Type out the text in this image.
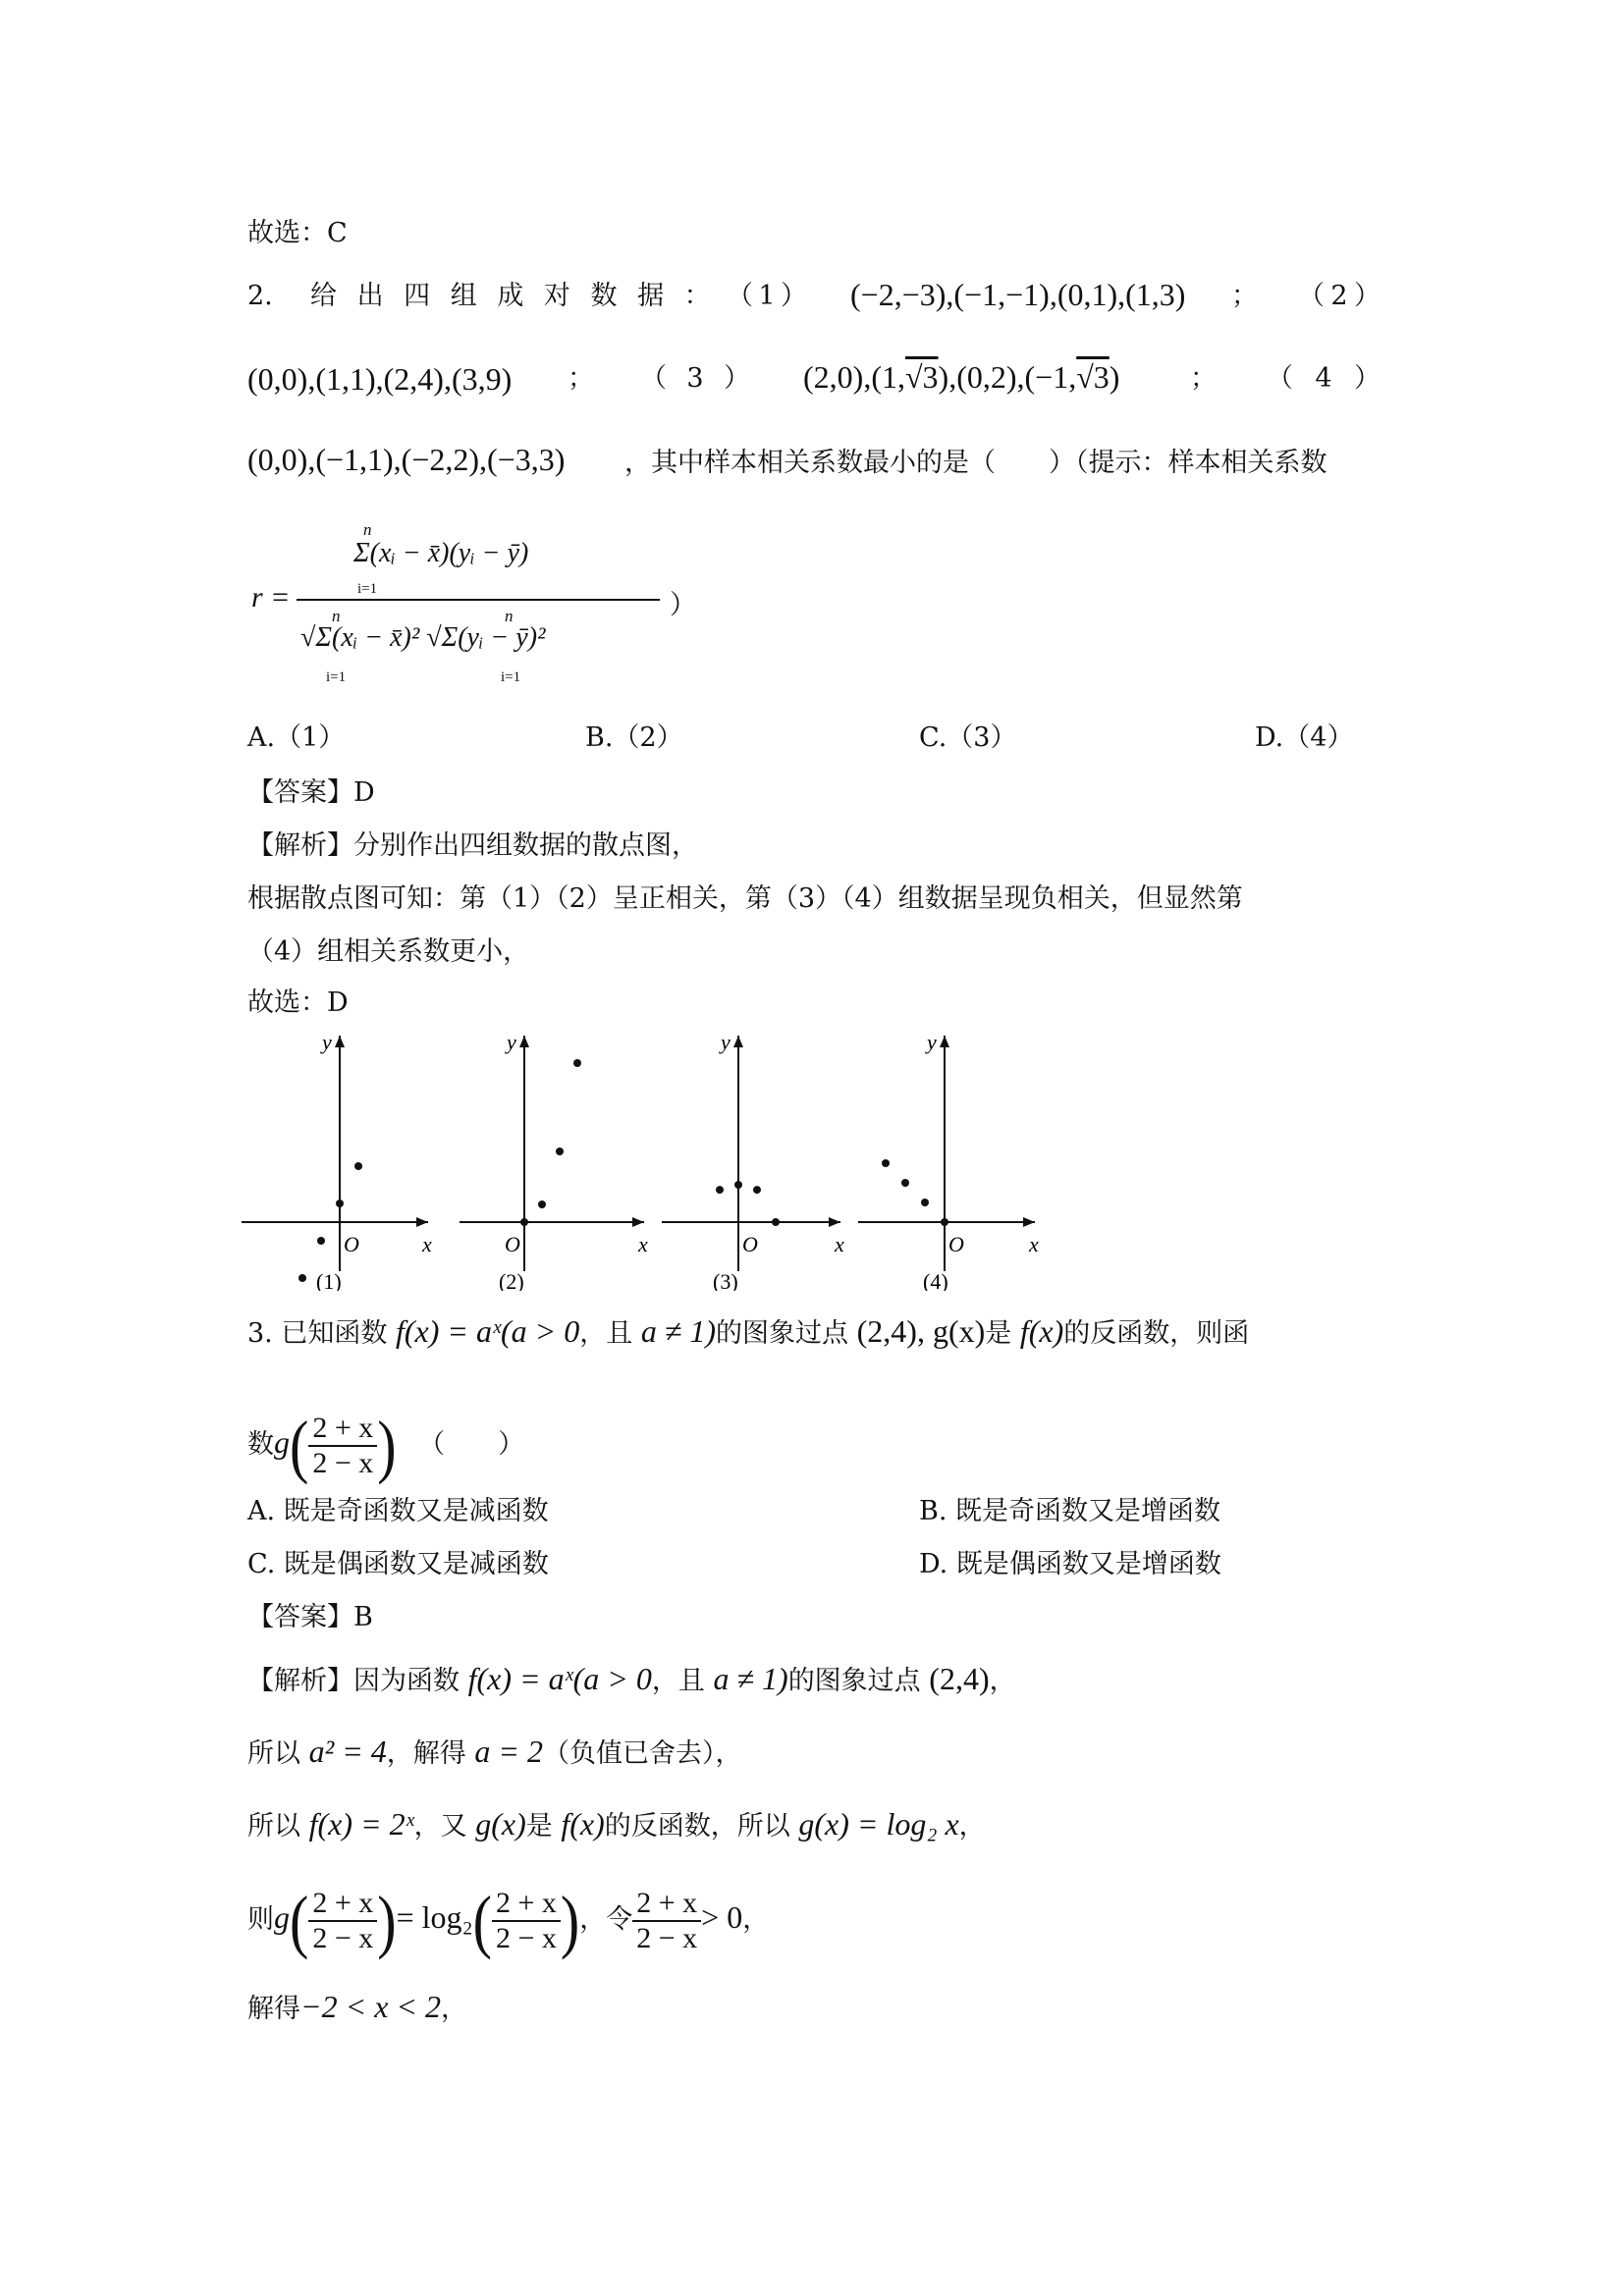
故选：C
2. 给 出 四 组 成 对 数 据 ： （ 1 ） (−2,−3),(−1,−1),(0,1),(1,3) ； （ 2 ）
(0,0),(1,1),(2,4),(3,9) ； （ 3 ） (2,0),(1,√3),(0,2),(−1,√3)	； （ 4 ）
(0,0),(−1,1),(−2,2),(−3,3) ，其中样本相关系数最小的是（　　）（提示：样本相关系数
r =
n
i=1
Σ(xᵢ − x̄)(yᵢ − ȳ)
√Σ(xᵢ − x̄)² √Σ(yᵢ − ȳ)²
n
i=1
n
i=1
）
A.（1）	B.（2）	C.（3）	D.（4）
【答案】D
【解析】分别作出四组数据的散点图，
根据散点图可知：第（1）（2）呈正相关，第（3）（4）组数据呈现负相关，但显然第
（4）组相关系数更小，
故选：D
y
x
O
(1)
y
x
O
(2)
y
x
O
(3)
y
x
O
(4)
3. 已知函数 f(x) = aˣ(a > 0，且 a ≠ 1)的图象过点 (2,4), g(x)是 f(x)的反函数，则函
数$g( \frac{2 + x}{2 - x}$ ) （　　）
A. 既是奇函数又是减函数	B. 既是奇函数又是增函数
C. 既是偶函数又是减函数	D. 既是偶函数又是增函数
【答案】B
【解析】因为函数 f(x) = aˣ(a > 0，且 a ≠ 1)的图象过点 (2,4)，
所以 a² = 4，解得 a = 2（负值已舍去），
所以 f(x) = 2ˣ，又 g(x)是 f(x)的反函数，所以 g(x) = log₂ x，
则$g( \frac{2 + x}{2 - x}$ )= $\log_2( \frac{2 + x}{2 - x}$ )，令 $\frac{2 + x}{2 - x} > 0$，
解得−2 < x < 2，
